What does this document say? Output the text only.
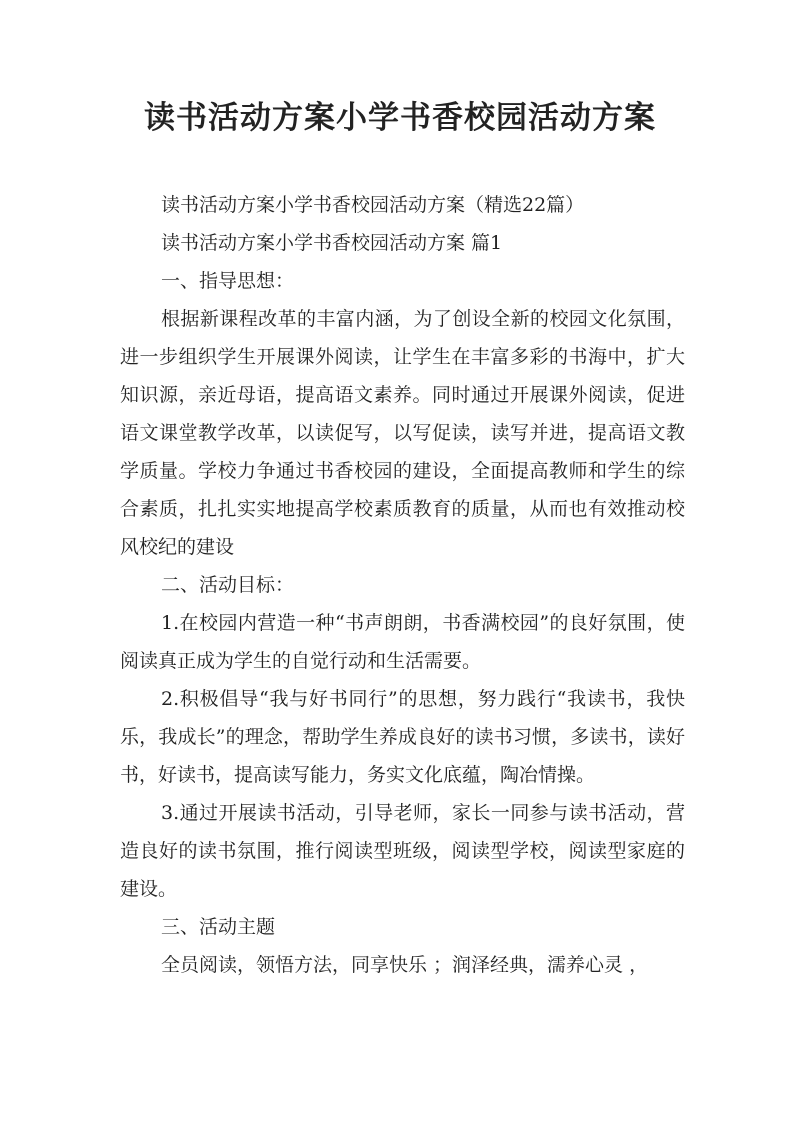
读书活动方案小学书香校园活动方案

读书活动方案小学书香校园活动方案（精选22篇）

读书活动方案小学书香校园活动方案 篇1

一、指导思想：

根据新课程改革的丰富内涵，为了创设全新的校园文化氛围，进一步组织学生开展课外阅读，让学生在丰富多彩的书海中，扩大知识源，亲近母语，提高语文素养。同时通过开展课外阅读，促进语文课堂教学改革，以读促写，以写促读，读写并进，提高语文教学质量。学校力争通过书香校园的建设，全面提高教师和学生的综合素质，扎扎实实地提高学校素质教育的质量，从而也有效推动校风校纪的建设

二、活动目标：

1.在校园内营造一种“书声朗朗，书香满校园”的良好氛围，使阅读真正成为学生的自觉行动和生活需要。

2.积极倡导“我与好书同行”的思想，努力践行“我读书，我快乐，我成长”的理念，帮助学生养成良好的读书习惯，多读书，读好书，好读书，提高读写能力，务实文化底蕴，陶冶情操。

3.通过开展读书活动，引导老师，家长一同参与读书活动，营造良好的读书氛围，推行阅读型班级，阅读型学校，阅读型家庭的建设。

三、活动主题

全员阅读，领悟方法，同享快乐 ；润泽经典，濡养心灵 ，
